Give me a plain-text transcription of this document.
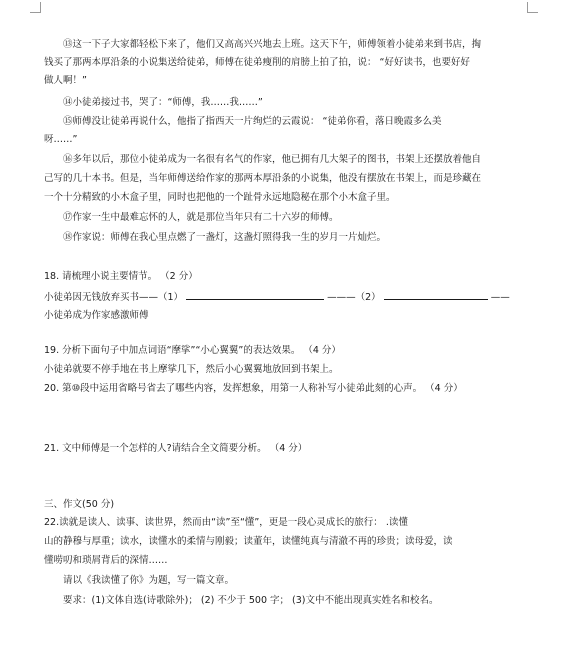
⑬这一下子大家都轻松下来了，他们又高高兴兴地去上班。这天下午，师傅领着小徒弟来到书店，掏
钱买了那两本厚沿条的小说集送给徒弟，师傅在徒弟瘦削的肩膀上拍了拍，说： “好好读书，也要好好
做人啊！”
⑭小徒弟接过书，哭了：“师傅，我……我……”
⑮师傅没让徒弟再说什么，他指了指西天一片绚烂的云霞说： “徒弟你看，落日晚霞多么美
呀……”
⑯多年以后，那位小徒弟成为一名很有名气的作家，他已拥有几大架子的图书，书架上还摆放着他自
己写的几十本书。但是，当年师傅送给作家的那两本厚沿条的小说集，他没有摆放在书架上，而是珍藏在
一个十分精致的小木盒子里，同时也把他的一个趾骨永远地隐秘在那个小木盒子里。
⑰作家一生中最难忘怀的人，就是那位当年只有二十六岁的师傅。
⑱作家说：师傅在我心里点燃了一盏灯，这盏灯照得我一生的岁月一片灿烂。
18. 请梳理小说主要情节。 （2 分）
小徒弟因无钱放弃买书——（1）	———（2）	——
小徒弟成为作家感激师傅
19. 分析下面句子中加点词语“摩挲”“小心翼翼”的表达效果。 （4 分）
小徒弟就要不停手地在书上摩挲几下，然后小心翼翼地放回到书架上。
20. 第⑩段中运用省略号省去了哪些内容，发挥想象，用第一人称补写小徒弟此刻的心声。 （4 分）
21. 文中师傅是一个怎样的人?请结合全文简要分析。 （4 分）
三、作文(50 分)
22.读就是读人、读事、读世界，然而由“读”至“懂”，更是一段心灵成长的旅行： .读懂
山的静穆与厚重；读水，读懂水的柔情与刚毅；读董年，读懂纯真与清澈不再的珍贵；读母爱，读
懂唠叨和琐屑背后的深情……
请以《我读懂了你》为题，写一篇文章。
要求：(1)文体自选(诗歌除外)； (2) 不少于 500 字； (3)文中不能出现真实姓名和校名。
